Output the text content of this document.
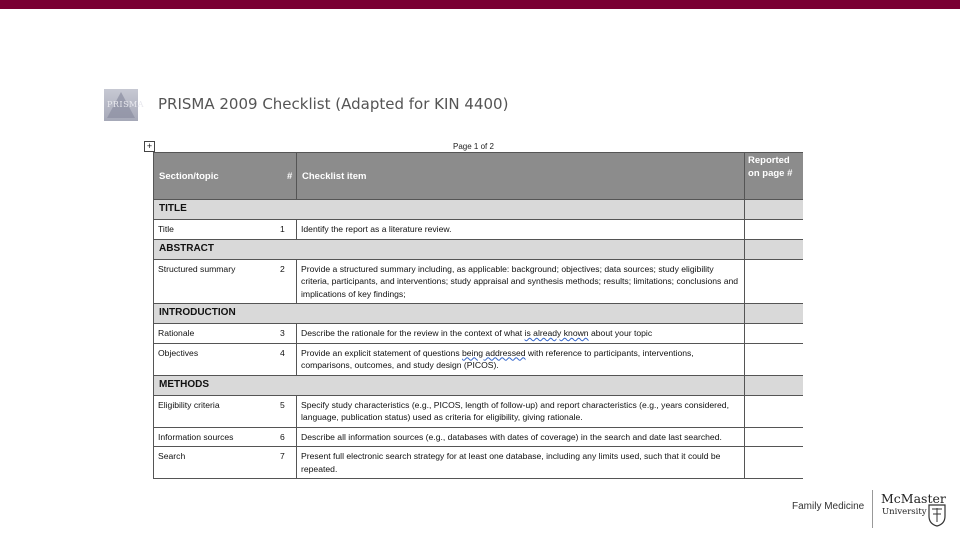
PRISMA PRISMA 2009 Checklist (Adapted for KIN 4400)
+	Page 1 of 2
Section/topic #	Checklist item	Reported on page #
TITLE		
Title 1	Identify the report as a literature review.	
ABSTRACT		
Structured summary 2	Provide a structured summary including, as applicable: background; objectives; data sources; study eligibility criteria, participants, and interventions; study appraisal and synthesis methods; results; limitations; conclusions and implications of key findings;	
INTRODUCTION		
Rationale 3	Describe the rationale for the review in the context of what is already known about your topic	
Objectives 4	Provide an explicit statement of questions being addressed with reference to participants, interventions, comparisons, outcomes, and study design (PICOS).	
METHODS		
Eligibility criteria 5	Specify study characteristics (e.g., PICOS, length of follow-up) and report characteristics (e.g., years considered, language, publication status) used as criteria for eligibility, giving rationale.	
Information sources 6	Describe all information sources (e.g., databases with dates of coverage) in the search and date last searched.	
Search 7	Present full electronic search strategy for at least one database, including any limits used, such that it could be repeated.	
Family Medicine
McMaster
University
